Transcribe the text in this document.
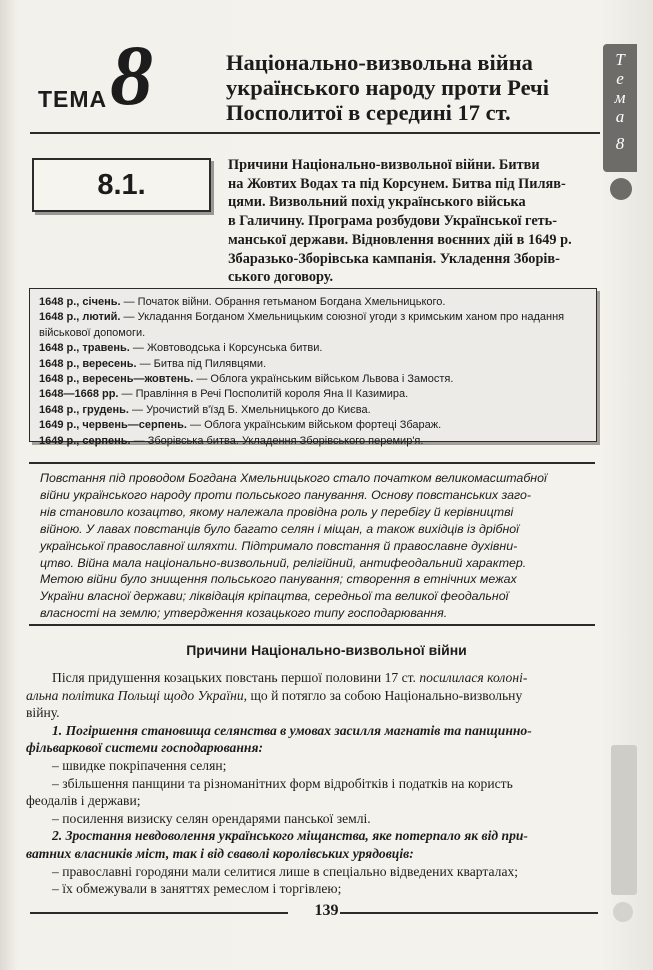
Т
е
м
а
8
ТЕМА 8	Національно-визвольна війна
українського народу проти Речі
Посполитої в середині 17 ст.
8.1.
Причини Національно-визвольної війни. Битви
на Жовтих Водах та під Корсунем. Битва під Пиляв-
цями. Визвольний похід українського війська
в Галичину. Програма розбудови Української геть-
манської держави. Відновлення воєнних дій в 1649 р.
Збаразько-Зборівська кампанія. Укладення Зборів-
ського договору.
1648 р., січень. — Початок війни. Обрання гетьманом Богдана Хмельницького.
1648 р., лютий. — Укладання Богданом Хмельницьким союзної угоди з кримським ханом про надання військової допомоги.
1648 р., травень. — Жовтоводська і Корсунська битви.
1648 р., вересень. — Битва під Пилявцями.
1648 р., вересень—жовтень. — Облога українським військом Львова і Замостя.
1648—1668 рр. — Правління в Речі Посполитій короля Яна II Казимира.
1648 р., грудень. — Урочистий в'їзд Б. Хмельницького до Києва.
1649 р., червень—серпень. — Облога українським військом фортеці Збараж.
1649 р., серпень. — Зборівська битва. Укладення Зборівського перемир'я.
Повстання під проводом Богдана Хмельницького стало початком великомасштабної
війни українського народу проти польського панування. Основу повстанських заго-
нів становило козацтво, якому належала провідна роль у перебігу й керівництві
війною. У лавах повстанців було багато селян і міщан, а також вихідців із дрібної
української православної шляхти. Підтримало повстання й православне духівни-
цтво. Війна мала національно-визвольний, релігійний, антифеодальний характер.
Метою війни було знищення польського панування; створення в етнічних межах
України власної держави; ліквідація кріпацтва, середньої та великої феодальної
власності на землю; утвердження козацького типу господарювання.
Причини Національно-визвольної війни

Після придушення козацьких повстань першої половини 17 ст. посилилася колоні-

альна політика Польщі щодо України, що й потягло за собою Національно-визвольну

війну.

1. Погіршення становища селянства в умовах засилля магнатів та панщинно-

фільваркової системи господарювання:

– швидке покріпачення селян;

– збільшення панщини та різноманітних форм відробітків і податків на користь

феодалів і держави;

– посилення визиску селян орендарями панської землі.

2. Зростання невдоволення українського міщанства, яке потерпало як від при-

ватних власників міст, так і від сваволі королівських урядовців:

– православні городяни мали селитися лише в спеціально відведених кварталах;

– їх обмежували в заняттях ремеслом і торгівлею;

139
